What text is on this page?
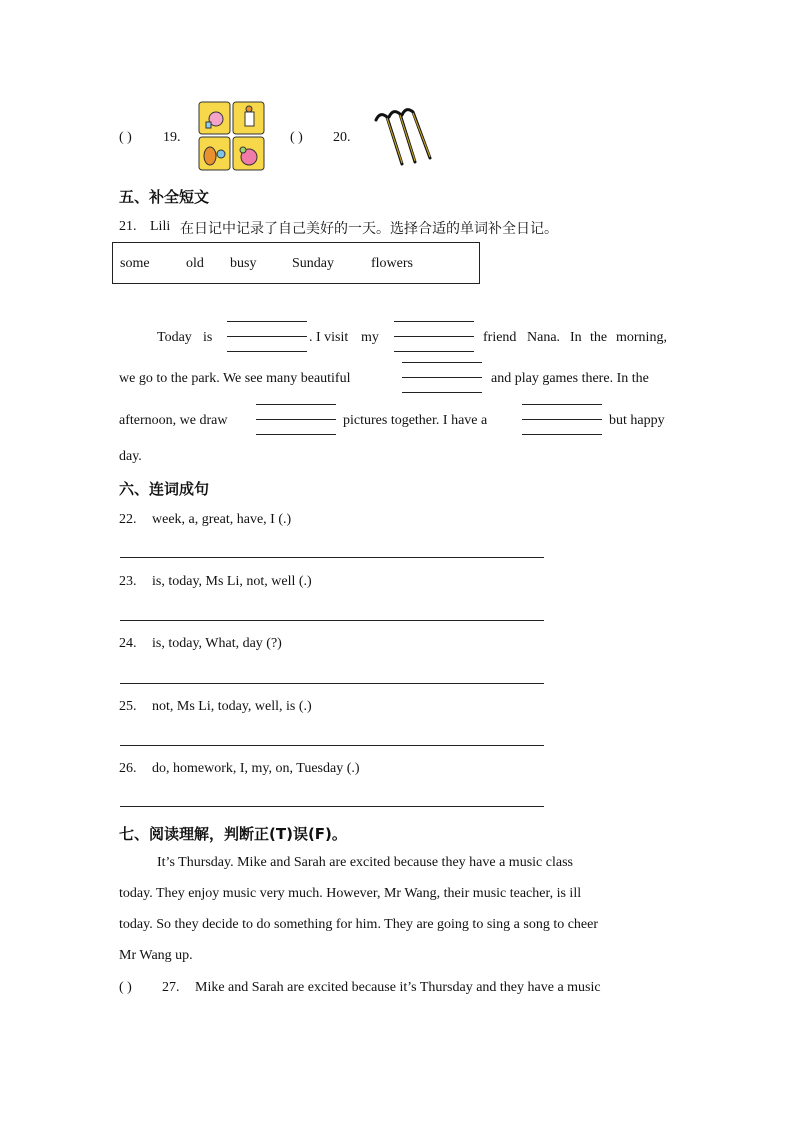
( ) 19.	( ) 20.
五、补全短文
21. Lili 在日记中记录了自己美好的一天。选择合适的单词补全日记。
some	old busy	Sunday	flowers
Today is	. I visit my	friend Nana. In the morning,
we go to the park. We see many beautiful	and play games there. In the
afternoon, we draw	pictures together. I have a	but happy
day.
六、连词成句
22. week, a, great, have, I (.)
23. is, today, Ms Li, not, well (.)
24. is, today, What, day (?)
25. not, Ms Li, today, well, is (.)
26. do, homework, I, my, on, Tuesday (.)
七、阅读理解，判断正(T)误(F)。
It’s Thursday. Mike and Sarah are excited because they have a music class
today. They enjoy music very much. However, Mr Wang, their music teacher, is ill
today. So they decide to do something for him. They are going to sing a song to cheer
Mr Wang up.
( ) 27. Mike and Sarah are excited because it’s Thursday and they have a music
